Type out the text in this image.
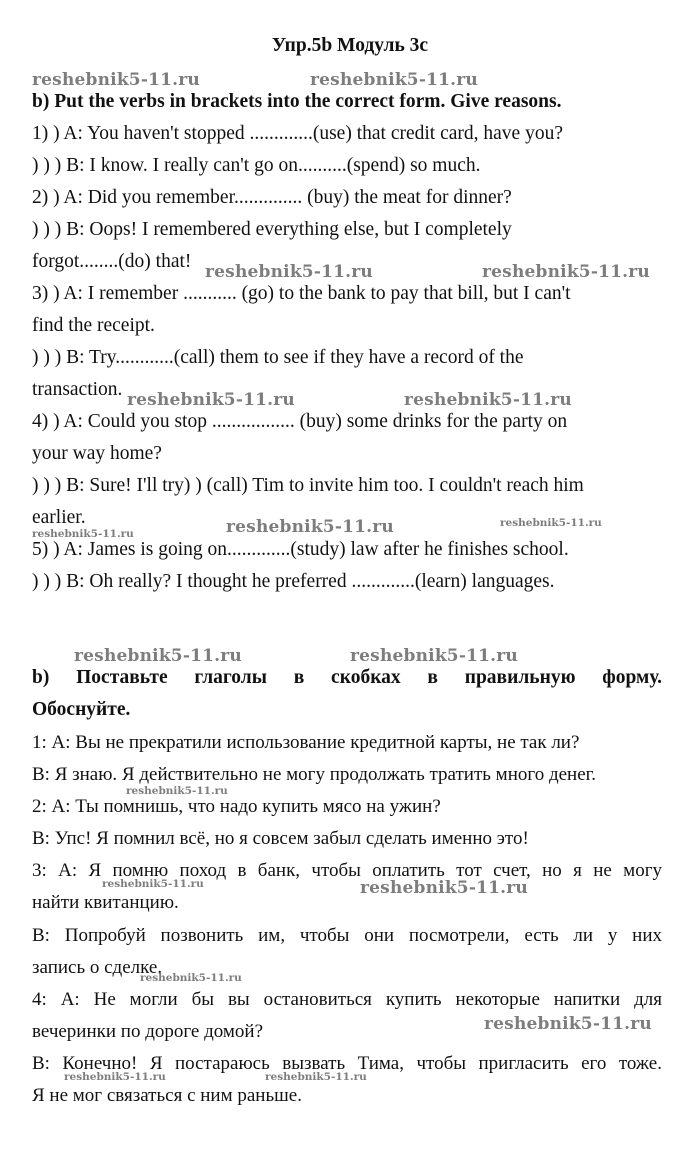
Упр.5b Модуль 3с

b) Put the verbs in brackets into the correct form. Give reasons.

1) ) A: You haven't stopped .............(use) that credit card, have you?

) ) ) B: I know. I really can't go on..........(spend) so much.

2) ) A: Did you remember.............. (buy) the meat for dinner?

) ) ) B: Oops! I remembered everything else, but I completely

forgot........(do) that!

3) ) A: I remember ........... (go) to the bank to pay that bill, but I can't

find the receipt.

) ) ) B: Try............(call) them to see if they have a record of the

transaction.

4) ) A: Could you stop ................. (buy) some drinks for the party on

your way home?

) ) ) B: Sure! I'll try) ) (call) Tim to invite him too. I couldn't reach him

earlier.

5) ) A: James is going on.............(study) law after he finishes school.

) ) ) B: Oh really? I thought he preferred .............(learn) languages.

b) Поставьте глаголы в скобках в правильную форму.

Обоснуйте.

1: А: Вы не прекратили использование кредитной карты, не так ли?

В: Я знаю. Я действительно не могу продолжать тратить много денег.

2: А: Ты помнишь, что надо купить мясо на ужин?

В: Упс! Я помнил всё, но я совсем забыл сделать именно это!

3: А: Я помню поход в банк, чтобы оплатить тот счет, но я не могу

найти квитанцию.

В: Попробуй позвонить им, чтобы они посмотрели, есть ли у них

запись о сделке.

4: А: Не могли бы вы остановиться купить некоторые напитки для

вечеринки по дороге домой?

В: Конечно! Я постараюсь вызвать Тима, чтобы пригласить его тоже.

Я не мог связаться с ним раньше.

reshebnik5-11.ru	reshebnik5-11.ru

reshebnik5-11.ru	reshebnik5-11.ru

reshebnik5-11.ru	reshebnik5-11.ru

reshebnik5-11.ru	reshebnik5-11.ru	reshebnik5-11.ru

reshebnik5-11.ru	reshebnik5-11.ru

reshebnik5-11.ru

reshebnik5-11.ru	reshebnik5-11.ru

reshebnik5-11.ru

reshebnik5-11.ru

reshebnik5-11.ru	reshebnik5-11.ru
